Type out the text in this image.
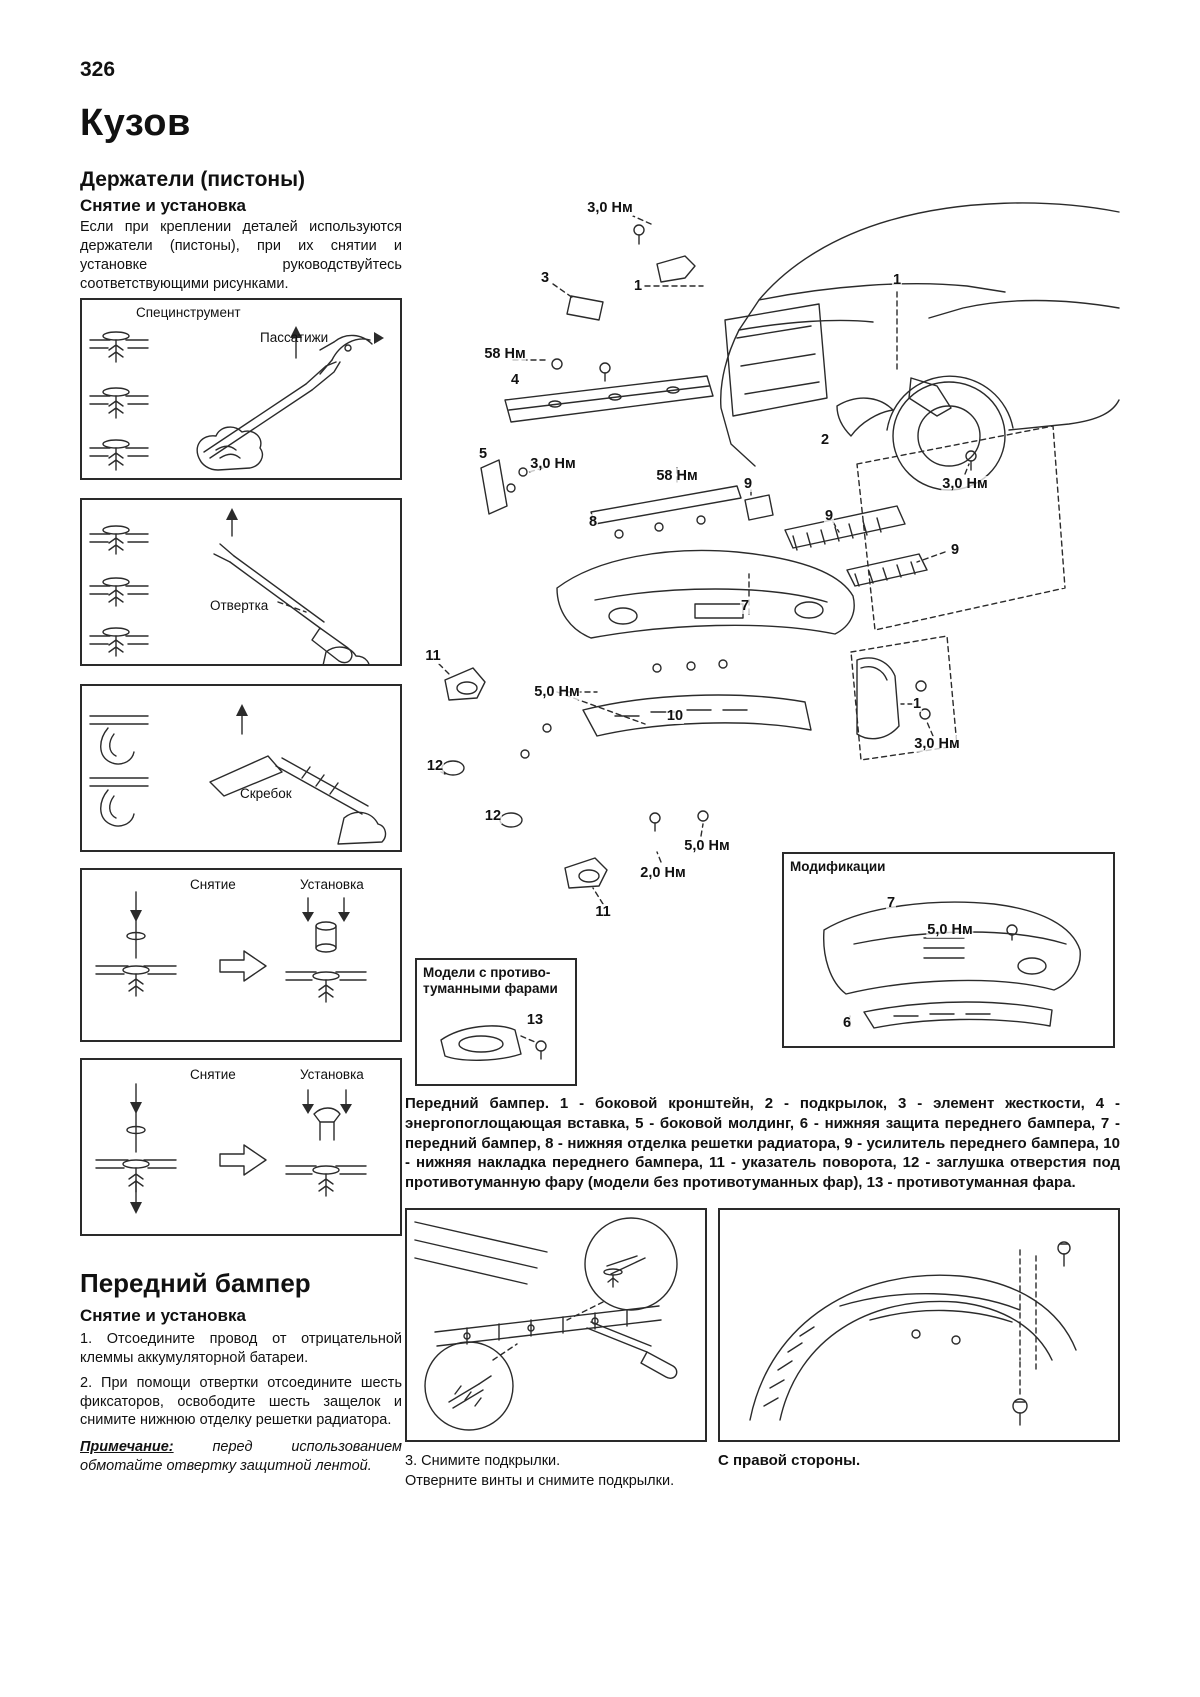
326
Кузов
Держатели (пистоны)
Снятие и установка
Если при креплении деталей используются держатели (пистоны), при их снятии и установке руководствуйтесь соответствующими рисунками.
Специнструмент
Пассатижи
Отвертка
Скребок
Снятие	Установка
Снятие	Установка
Модели с противотуманными фарами
Модификации
3,0 Нм
1
3	1
58 Нм
4
2
58 Нм	3,0 Нм
5
3,0 Нм
8
9
9
9
7
11
5,0 Нм
10
1
3,0 Нм
12
12
5,0 Нм
2,0 Нм
11
13
7
5,0 Нм
6
Передний бампер. 1 - боковой кронштейн, 2 - подкрылок, 3 - элемент жесткости, 4 - энергопоглощающая вставка, 5 - боковой молдинг, 6 - нижняя защита переднего бампера, 7 - передний бампер, 8 - нижняя отделка решетки радиатора, 9 - усилитель переднего бампера, 10 - нижняя накладка переднего бампера, 11 - указатель поворота, 12 - заглушка отверстия под противотуманную фару (модели без противотуманных фар), 13 - противотуманная фара.
Передний бампер
Снятие и установка

1. Отсоедините провод от отрицательной клеммы аккумуляторной батареи.

2. При помощи отвертки отсоедините шесть фиксаторов, освободите шесть защелок и снимите нижнюю отделку решетки радиатора.

Примечание: перед использованием обмотайте отвертку защитной лентой.	3. Снимите подкрылки.
Отверните винты и снимите подкрылки.
С правой стороны.
